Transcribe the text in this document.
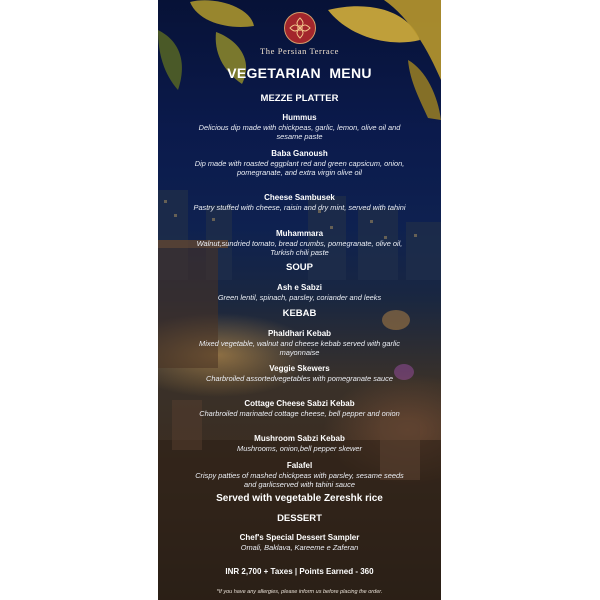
The Persian Terrace
VEGETARIAN  MENU
MEZZE PLATTER
Hummus
Delicious dip made with chickpeas, garlic, lemon, olive oil and sesame paste
Baba Ganoush
Dip made with roasted eggplant red and green capsicum, onion, pomegranate, and extra virgin olive oil
Cheese Sambusek
Pastry stuffed with cheese, raisin and dry mint, served with tahini
Muhammara
Walnut,sundried tomato, bread crumbs, pomegranate, olive oil, Turkish chili paste
SOUP
Ash e Sabzi
Green lentil, spinach, parsley, coriander and leeks
KEBAB
Phaldhari Kebab
Mixed vegetable, walnut and cheese kebab served with garlic mayonnaise
Veggie Skewers
Charbroiled assortedvegetables with pomegranate sauce
Cottage Cheese Sabzi Kebab
Charbroiled marinated cottage cheese, bell pepper and onion
Mushroom Sabzi Kebab
Mushrooms, onion,bell pepper skewer
Falafel
Crispy patties of mashed chickpeas with parsley, sesame seeds and garlicserved with tahini sauce
Served with vegetable Zereshk rice
DESSERT
Chef's Special Dessert Sampler
Omali, Baklava, Kareeme e Zaferan
INR 2,700 + Taxes | Points Earned - 360
*If you have any allergies, please inform us before placing the order.
